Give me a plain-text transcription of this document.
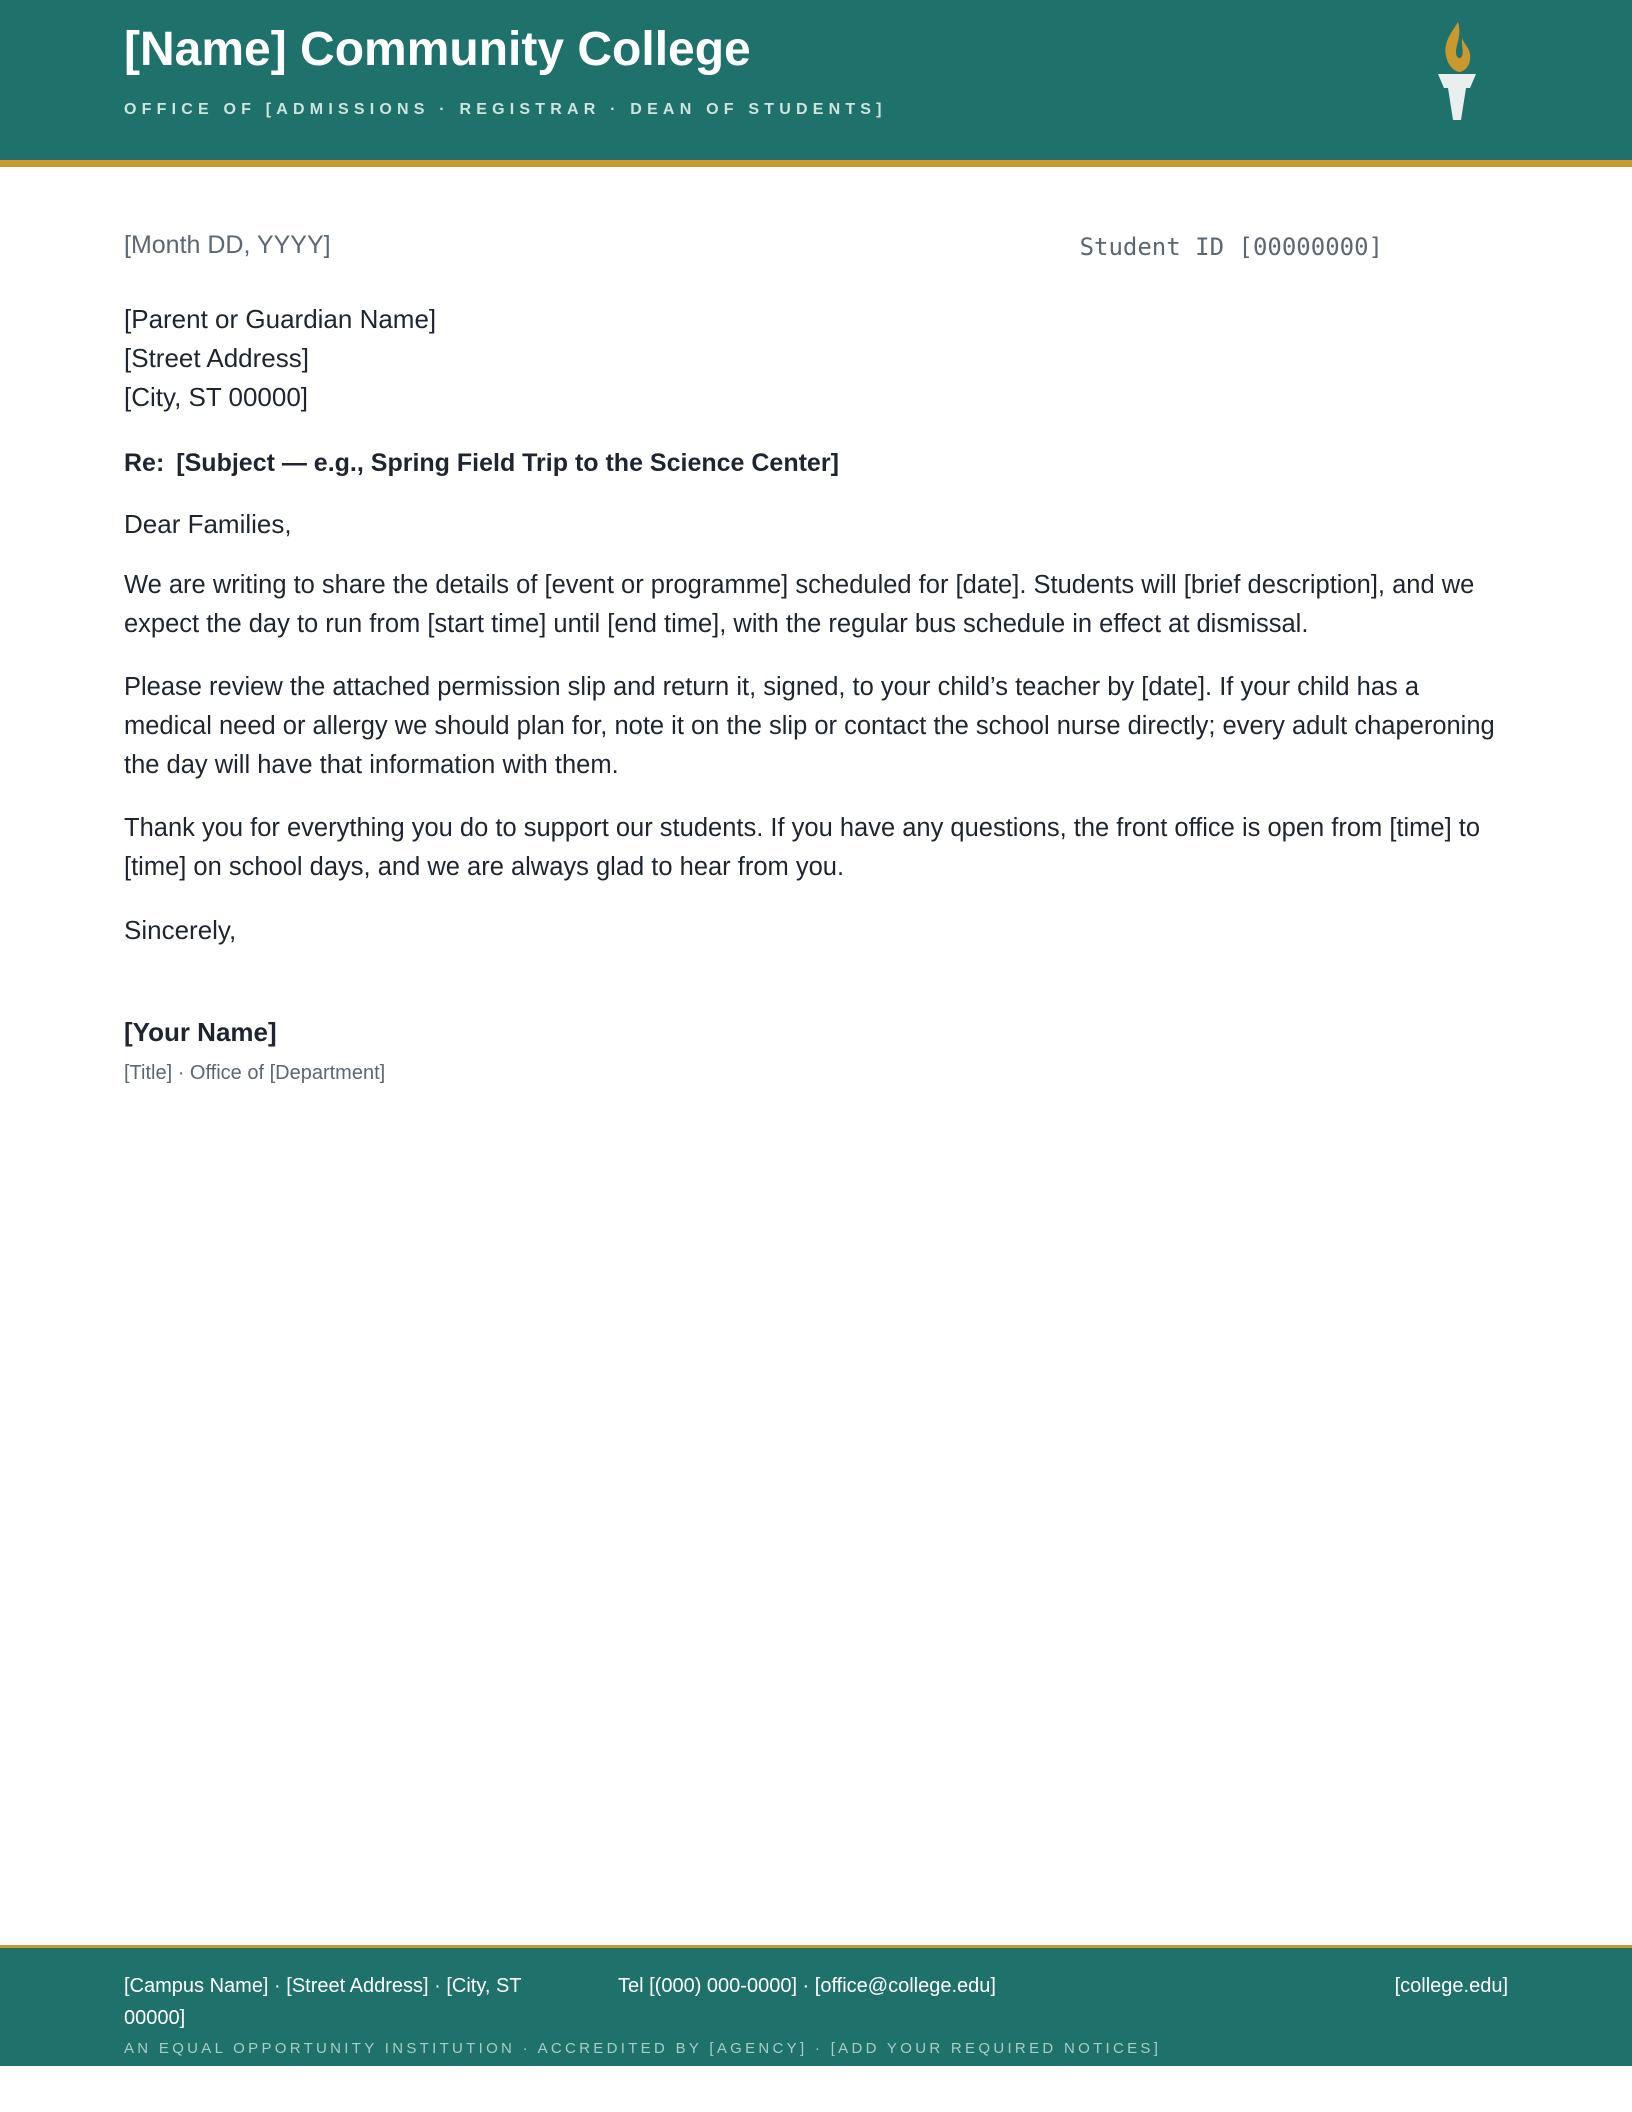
[Name] Community College
OFFICE OF [ADMISSIONS · REGISTRAR · DEAN OF STUDENTS]
[Month DD, YYYY]	Student ID [00000000]
[Parent or Guardian Name]
[Street Address]
[City, ST 00000]
Re: [Subject — e.g., Spring Field Trip to the Science Center]
Dear Families,
We are writing to share the details of [event or programme] scheduled for [date]. Students will [brief description], and we expect the day to run from [start time] until [end time], with the regular bus schedule in effect at dismissal.
Please review the attached permission slip and return it, signed, to your child’s teacher by [date]. If your child has a medical need or allergy we should plan for, note it on the slip or contact the school nurse directly; every adult chaperoning the day will have that information with them.
Thank you for everything you do to support our students. If you have any questions, the front office is open from [time] to [time] on school days, and we are always glad to hear from you.
Sincerely,
[Your Name]
[Title] · Office of [Department]
[Campus Name] · [Street Address] · [City, ST 00000]
Tel [(000) 000-0000] · [office@college.edu]	[college.edu]
AN EQUAL OPPORTUNITY INSTITUTION · ACCREDITED BY [AGENCY] · [ADD YOUR REQUIRED NOTICES]
